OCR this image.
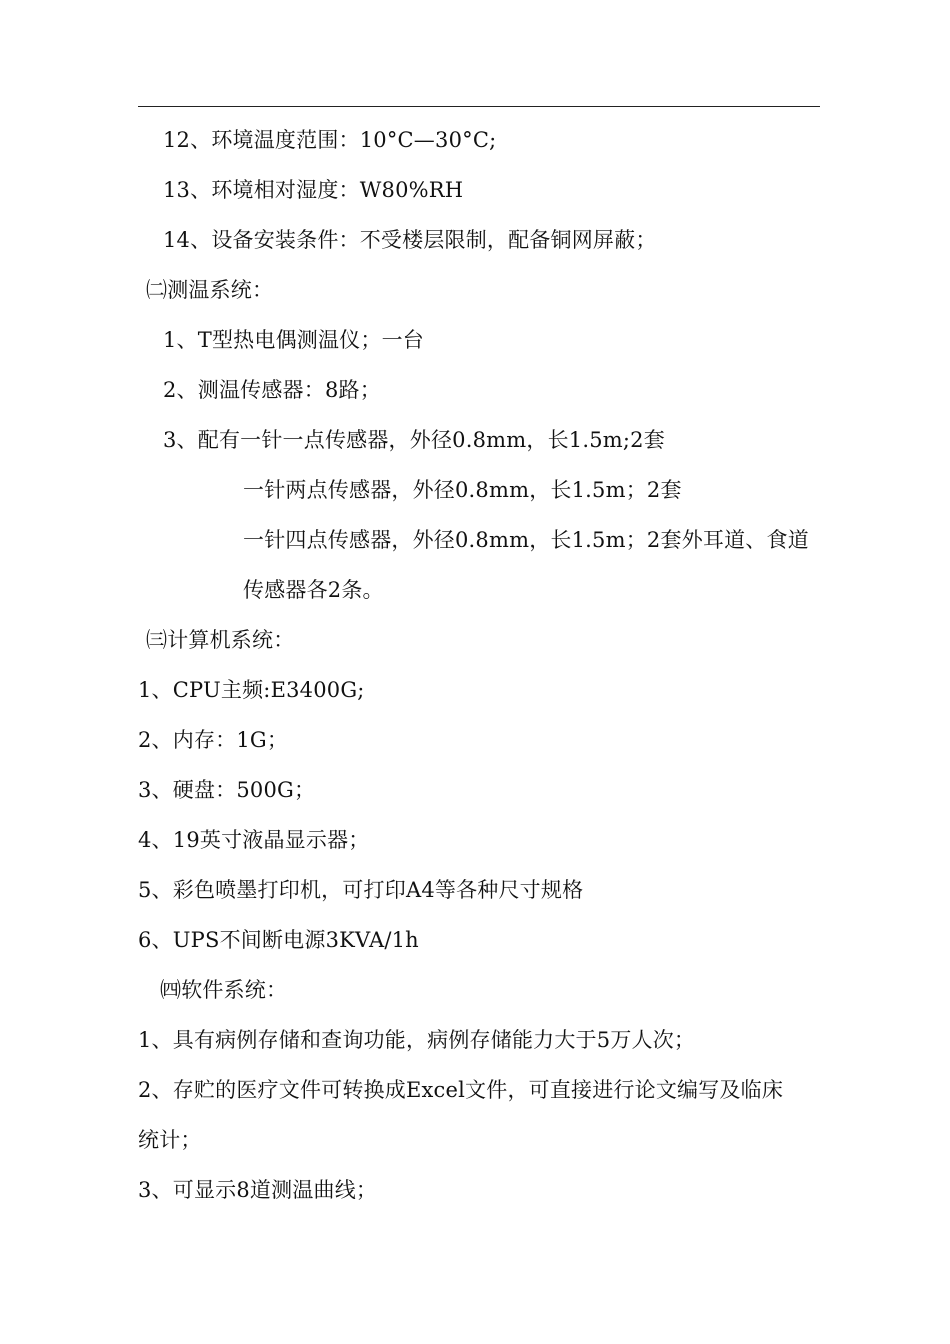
12、环境温度范围：10°C—30°C;
13、环境相对湿度：W80%RH
14、设备安装条件：不受楼层限制，配备铜网屏蔽；
㈡测温系统：
1、T型热电偶测温仪；一台
2、测温传感器：8路；
3、配有一针一点传感器，外径0.8mm，长1.5m;2套
一针两点传感器，外径0.8mm，长1.5m；2套
一针四点传感器，外径0.8mm，长1.5m；2套外耳道、食道
传感器各2条。
㈢计算机系统：
1、CPU主频:E3400G;
2、内存：1G；
3、硬盘：500G；
4、19英寸液晶显示器；
5、彩色喷墨打印机，可打印A4等各种尺寸规格
6、UPS不间断电源3KVA/1h
㈣软件系统：
1、具有病例存储和查询功能，病例存储能力大于5万人次；
2、存贮的医疗文件可转换成Excel文件，可直接进行论文编写及临床
统计；
3、可显示8道测温曲线；
